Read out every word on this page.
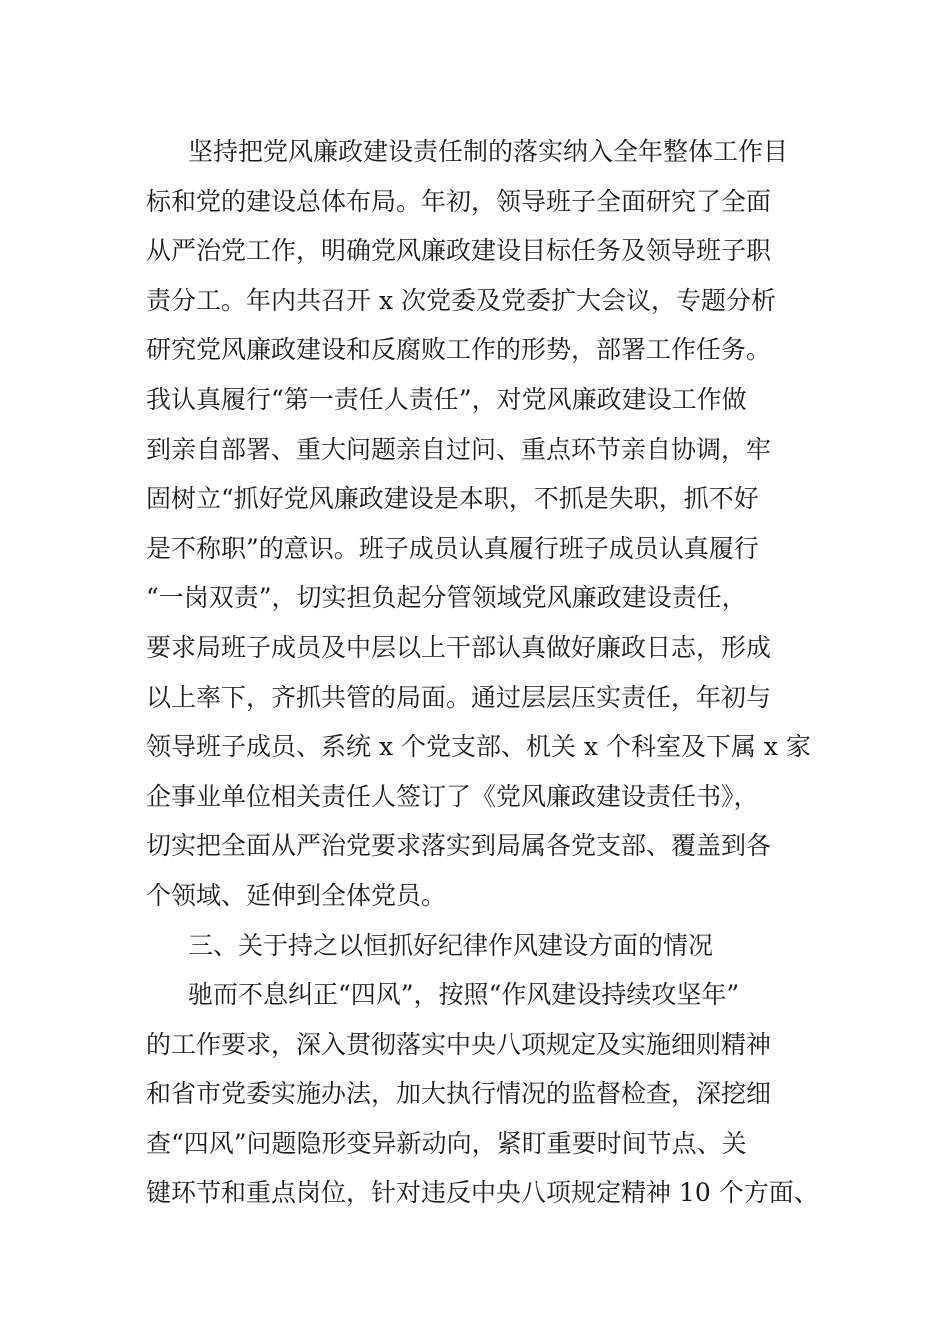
坚持把党风廉政建设责任制的落实纳入全年整体工作目
标和党的建设总体布局。年初，领导班子全面研究了全面
从严治党工作，明确党风廉政建设目标任务及领导班子职
责分工。年内共召开 x 次党委及党委扩大会议，专题分析
研究党风廉政建设和反腐败工作的形势，部署工作任务。
我认真履行“第一责任人责任”，对党风廉政建设工作做
到亲自部署、重大问题亲自过问、重点环节亲自协调，牢
固树立“抓好党风廉政建设是本职，不抓是失职，抓不好
是不称职”的意识。班子成员认真履行班子成员认真履行
“一岗双责”，切实担负起分管领域党风廉政建设责任，
要求局班子成员及中层以上干部认真做好廉政日志，形成
以上率下，齐抓共管的局面。通过层层压实责任，年初与
领导班子成员、系统 x 个党支部、机关 x 个科室及下属 x 家
企事业单位相关责任人签订了《党风廉政建设责任书》，
切实把全面从严治党要求落实到局属各党支部、覆盖到各
个领域、延伸到全体党员。
三、关于持之以恒抓好纪律作风建设方面的情况
驰而不息纠正“四风”，按照“作风建设持续攻坚年”
的工作要求，深入贯彻落实中央八项规定及实施细则精神
和省市党委实施办法，加大执行情况的监督检查，深挖细
查“四风”问题隐形变异新动向，紧盯重要时间节点、关
键环节和重点岗位，针对违反中央八项规定精神 10 个方面、
